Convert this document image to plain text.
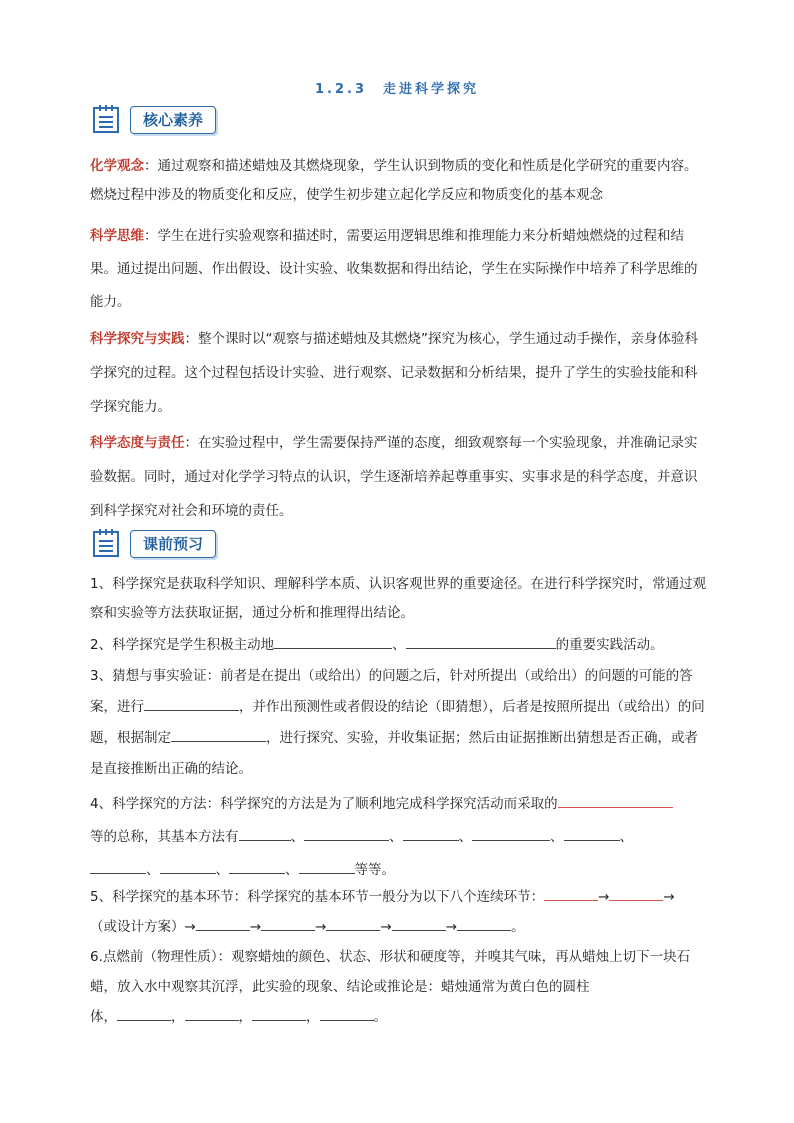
1.2.3　走进科学探究
核心素养
化学观念：通过观察和描述蜡烛及其燃烧现象，学生认识到物质的变化和性质是化学研究的重要内容。燃烧过程中涉及的物质变化和反应，使学生初步建立起化学反应和物质变化的基本观念
科学思维：学生在进行实验观察和描述时，需要运用逻辑思维和推理能力来分析蜡烛燃烧的过程和结果。通过提出问题、作出假设、设计实验、收集数据和得出结论，学生在实际操作中培养了科学思维的能力。
科学探究与实践：整个课时以“观察与描述蜡烛及其燃烧”探究为核心，学生通过动手操作，亲身体验科学探究的过程。这个过程包括设计实验、进行观察、记录数据和分析结果，提升了学生的实验技能和科学探究能力。
科学态度与责任：在实验过程中，学生需要保持严谨的态度，细致观察每一个实验现象，并准确记录实验数据。同时，通过对化学学习特点的认识，学生逐渐培养起尊重事实、实事求是的科学态度，并意识到科学探究对社会和环境的责任。
课前预习
1、科学探究是获取科学知识、理解科学本质、认识客观世界的重要途径。在进行科学探究时，常通过观察和实验等方法获取证据，通过分析和推理得出结论。
2、科学探究是学生积极主动地	、	的重要实践活动。
3、猜想与事实验证：前者是在提出（或给出）的问题之后，针对所提出（或给出）的问题的可能的答案，进行	，并作出预测性或者假设的结论（即猜想），后者是按照所提出（或给出）的问题，根据制定	，进行探究、实验，并收集证据；然后由证据推断出猜想是否正确，或者是直接推断出正确的结论。
4、科学探究的方法：科学探究的方法是为了顺利地完成科学探究活动而采取的
等的总称，其基本方法有	、	、	、	、	、
、	、	、	等等。
5、科学探究的基本环节：科学探究的基本环节一般分为以下八个连续环节：	→	→
（或设计方案）→	→	→	→	→	。
6.点燃前（物理性质）：观察蜡烛的颜色、状态、形状和硬度等，并嗅其气味，再从蜡烛上切下一块石蜡，放入水中观察其沉浮，此实验的现象、结论或推论是：蜡烛通常为黄白色的圆柱
体，	，	，	，	。
